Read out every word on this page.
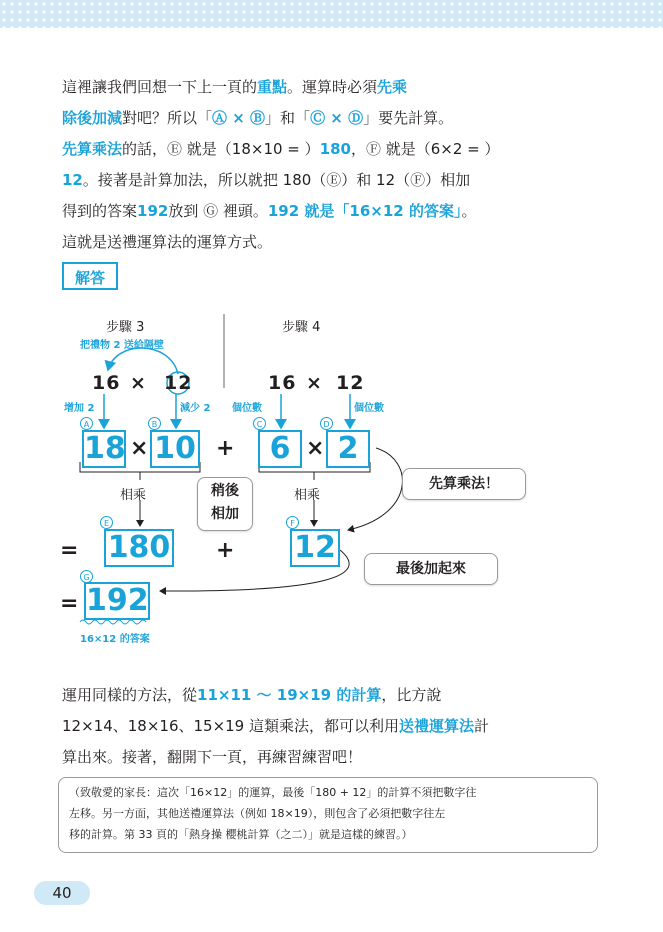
這裡讓我們回想一下上一頁的重點。運算時必須先乘
除後加減對吧？所以「Ⓐ × Ⓑ」和「Ⓒ × Ⓓ」要先計算。
先算乘法的話，Ⓔ 就是（18×10 = ）180，Ⓕ 就是（6×2 = ）
12。接著是計算加法，所以就把 180（Ⓔ）和 12（Ⓕ）相加
得到的答案192放到 Ⓖ 裡頭。192 就是「16×12 的答案」。
這就是送禮運算法的運算方式。

解答
步驟 3	步驟 4
把禮物 2 送給隔壁
16 × 12	16 × 12
增加 2	減少 2 個位數	個位數
A	B	C	D
18 × 10 +	6 × 2
相乘	相乘
稍後
相加
先算乘法！
最後加起來
=
E
180 +
F
12
=
G
192
16×12 的答案

運用同樣的方法，從11×11 ～ 19×19 的計算，比方說
12×14、18×16、15×19 這類乘法，都可以利用送禮運算法計
算出來。接著，翻開下一頁，再練習練習吧！

（致敬愛的家長：這次「16×12」的運算，最後「180 + 12」的計算不須把數字往
左移。另一方面，其他送禮運算法（例如 18×19），則包含了必須把數字往左
移的計算。第 33 頁的「熱身操 櫻桃計算（之二）」就是這樣的練習。）
40
